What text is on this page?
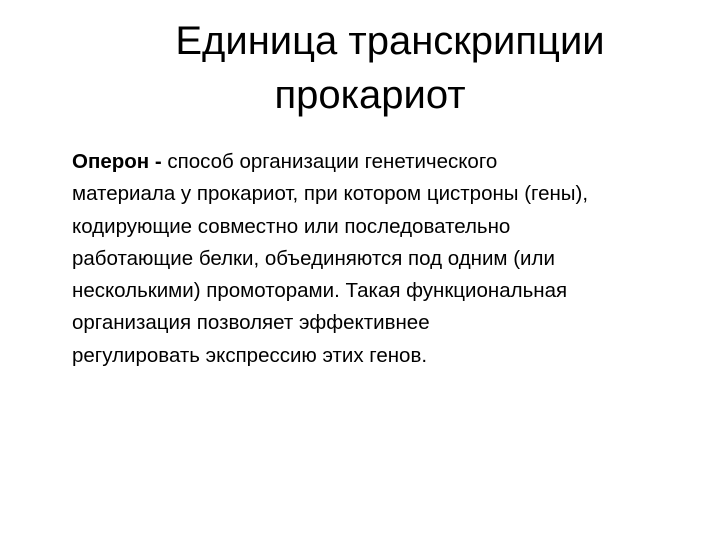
Единица транскрипции
прокариот

Оперон - способ организации генетического
материала у прокариот, при котором цистроны (гены),
кодирующие совместно или последовательно
работающие белки, объединяются под одним (или
несколькими) промоторами. Такая функциональная
организация позволяет эффективнее
регулировать экспрессию этих генов.
